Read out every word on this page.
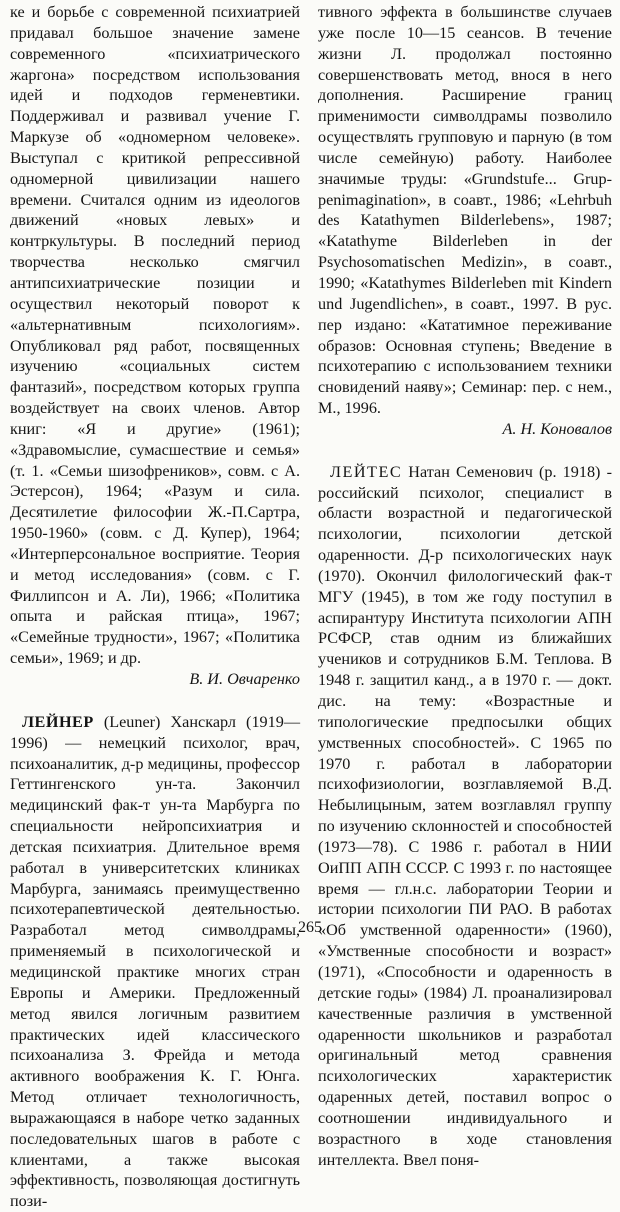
ке и борьбе с современной психиатрией придавал большое значение замене современного «психиатрического жаргона» посредством использования идей и подходов герменевтики. Поддерживал и развивал учение Г. Маркузе об «одномерном человеке». Выступал с критикой репрессивной одномерной цивилизации нашего времени. Считался одним из идеологов движений «новых левых» и контркультуры. В последний период творчества несколько смягчил антипсихиатрические позиции и осуществил некоторый поворот к «альтернативным психологиям». Опубликовал ряд работ, посвященных изучению «социальных систем фантазий», посредством которых группа воздействует на своих членов. Автор книг: «Я и другие» (1961); «Здравомыслие, сумасшествие и семья» (т. 1. «Семьи шизофреников», совм. с А. Эстерсон), 1964; «Разум и сила. Десятилетие философии Ж.-П.Сартра, 1950-1960» (совм. с Д. Купер), 1964; «Интерперсональное восприятие. Теория и метод исследования» (совм. с Г. Филлипсон и А. Ли), 1966; «Политика опыта и райская птица», 1967; «Семейные трудности», 1967; «Политика семьи», 1969; и др.

В. И. Овчаренко

ЛЕЙНЕР (Leuner) Ханскарл (1919—1996) — немецкий психолог, врач, психоаналитик, д-р медицины, профессор Геттингенского ун-та. Закончил медицинский фак-т ун-та Марбурга по специальности нейропсихиатрия и детская психиатрия. Длительное время работал в университетских клиниках Марбурга, занимаясь преимущественно психотерапевтической деятельностью. Разработал метод символдрамы, применяемый в психологической и медицинской практике многих стран Европы и Америки. Предложенный метод явился логичным развитием практических идей классического психоанализа З. Фрейда и метода активного воображения К. Г. Юнга. Метод отличает технологичность, выражающаяся в наборе четко заданных последовательных шагов в работе с клиентами, а также высокая эффективность, позволяющая достигнуть пози-

тивного эффекта в большинстве случаев уже после 10—15 сеансов. В течение жизни Л. продолжал постоянно совершенствовать метод, внося в него дополнения. Расширение границ применимости символдрамы позволило осуществлять групповую и парную (в том числе семейную) работу. Наиболее значимые труды: «Grundstufe... Grup-penimagination», в соавт., 1986; «Lehrbuh des Katathymen Bilderlebens», 1987; «Katathyme Bilderleben in der Psychosomatischen Medizin», в соавт., 1990; «Katathymes Bilderleben mit Kindern und Jugendlichen», в соавт., 1997. В рус. пер издано: «Кататимное переживание образов: Основная ступень; Введение в психотерапию с использованием техники сновидений наяву»; Семинар: пер. с нем., М., 1996.

А. Н. Коновалов

ЛЕЙТЕС Натан Семенович (р. 1918) - российский психолог, специалист в области возрастной и педагогической психологии, психологии детской одаренности. Д-р психологических наук (1970). Окончил филологический фак-т МГУ (1945), в том же году поступил в аспирантуру Института психологии АПН РСФСР, став одним из ближайших учеников и сотрудников Б.М. Теплова. В 1948 г. защитил канд., а в 1970 г. — докт. дис. на тему: «Возрастные и типологические предпосылки общих умственных способностей». С 1965 по 1970 г. работал в лаборатории психофизиологии, возглавляемой В.Д. Небылицыным, затем возглавлял группу по изучению склонностей и способностей (1973—78). С 1986 г. работал в НИИ ОиПП АПН СССР. С 1993 г. по настоящее время — гл.н.с. лаборатории Теории и истории психологии ПИ РАО. В работах «Об умственной одаренности» (1960), «Умственные способности и возраст» (1971), «Способности и одаренность в детские годы» (1984) Л. проанализировал качественные различия в умственной одаренности школьников и разработал оригинальный метод сравнения психологических характеристик одаренных детей, поставил вопрос о соотношении индивидуального и возрастного в ходе становления интеллекта. Ввел поня-

265
